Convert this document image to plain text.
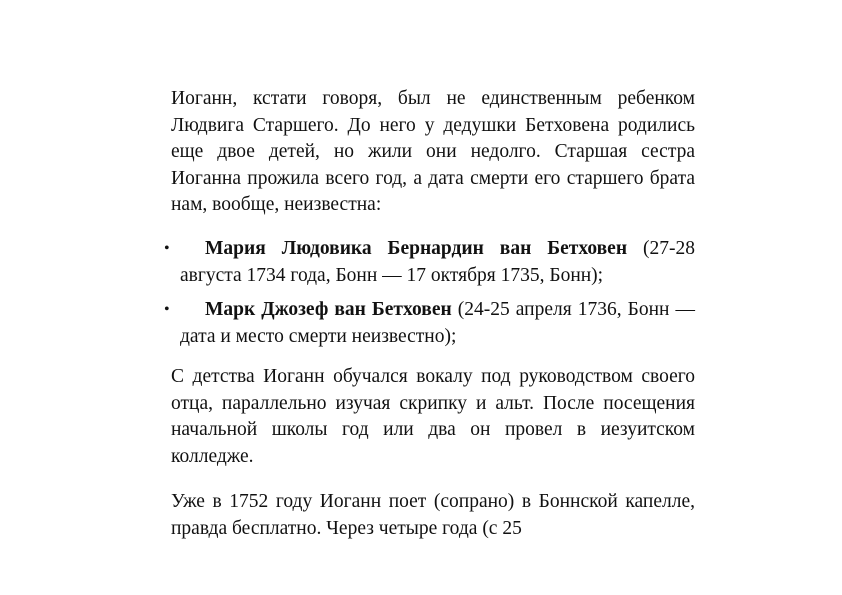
Иоганн, кстати говоря, был не единственным ребенком Людвига Старшего. До него у дедушки Бетховена родились еще двое детей, но жили они недолго. Старшая сестра Иоганна прожила всего год, а дата смерти его старшего брата нам, вообще, неизвестна:

•	Мария Людовика Бернардин ван Бетховен (27-28 августа 1734 года, Бонн — 17 октября 1735, Бонн);
•	Марк Джозеф ван Бетховен (24-25 апреля 1736, Бонн — дата и место смерти неизвестно);

С детства Иоганн обучался вокалу под руководством своего отца, параллельно изучая скрипку и альт. После посещения начальной школы год или два он провел в иезуитском колледже.

Уже в 1752 году Иоганн поет (сопрано) в Боннской капелле, правда бесплатно. Через четыре года (с 25
